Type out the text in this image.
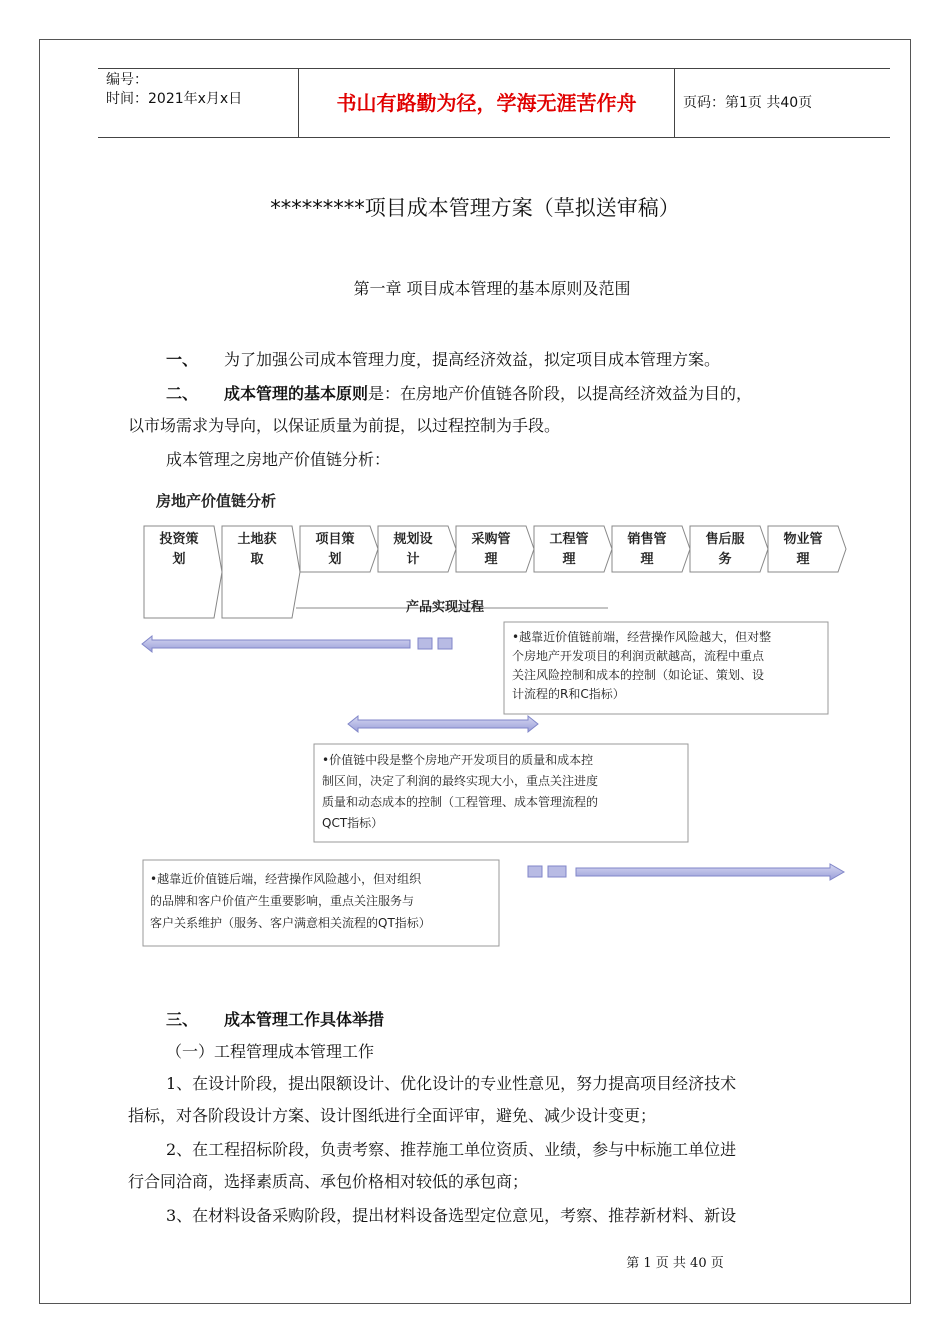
编号：
时间：2021年x月x日	书山有路勤为径，学海无涯苦作舟	页码：第1页 共40页
*********项目成本管理方案（草拟送审稿）
第一章 项目成本管理的基本原则及范围
一、 为了加强公司成本管理力度，提高经济效益，拟定项目成本管理方案。
二、 成本管理的基本原则是：在房地产价值链各阶段，以提高经济效益为目的，
以市场需求为导向，以保证质量为前提，以过程控制为手段。
成本管理之房地产价值链分析：
房地产价值链分析
投资策
划
土地获
取
项目策
划
规划设
计
采购管
理
工程管
理
销售管
理
售后服
务
物业管
理
产品实现过程
•越靠近价值链前端，经营操作风险越大，但对整
个房地产开发项目的利润贡献越高，流程中重点
关注风险控制和成本的控制（如论证、策划、设
计流程的R和C指标）
•价值链中段是整个房地产开发项目的质量和成本控
制区间，决定了利润的最终实现大小，重点关注进度
质量和动态成本的控制（工程管理、成本管理流程的
QCT指标）
•越靠近价值链后端，经营操作风险越小，但对组织
的品牌和客户价值产生重要影响，重点关注服务与
客户关系维护（服务、客户满意相关流程的QT指标）
三、 成本管理工作具体举措
（一）工程管理成本管理工作
1、在设计阶段，提出限额设计、优化设计的专业性意见，努力提高项目经济技术
指标，对各阶段设计方案、设计图纸进行全面评审，避免、减少设计变更；
2、在工程招标阶段，负责考察、推荐施工单位资质、业绩，参与中标施工单位进
行合同洽商，选择素质高、承包价格相对较低的承包商；
3、在材料设备采购阶段，提出材料设备选型定位意见，考察、推荐新材料、新设
第 1 页 共 40 页
